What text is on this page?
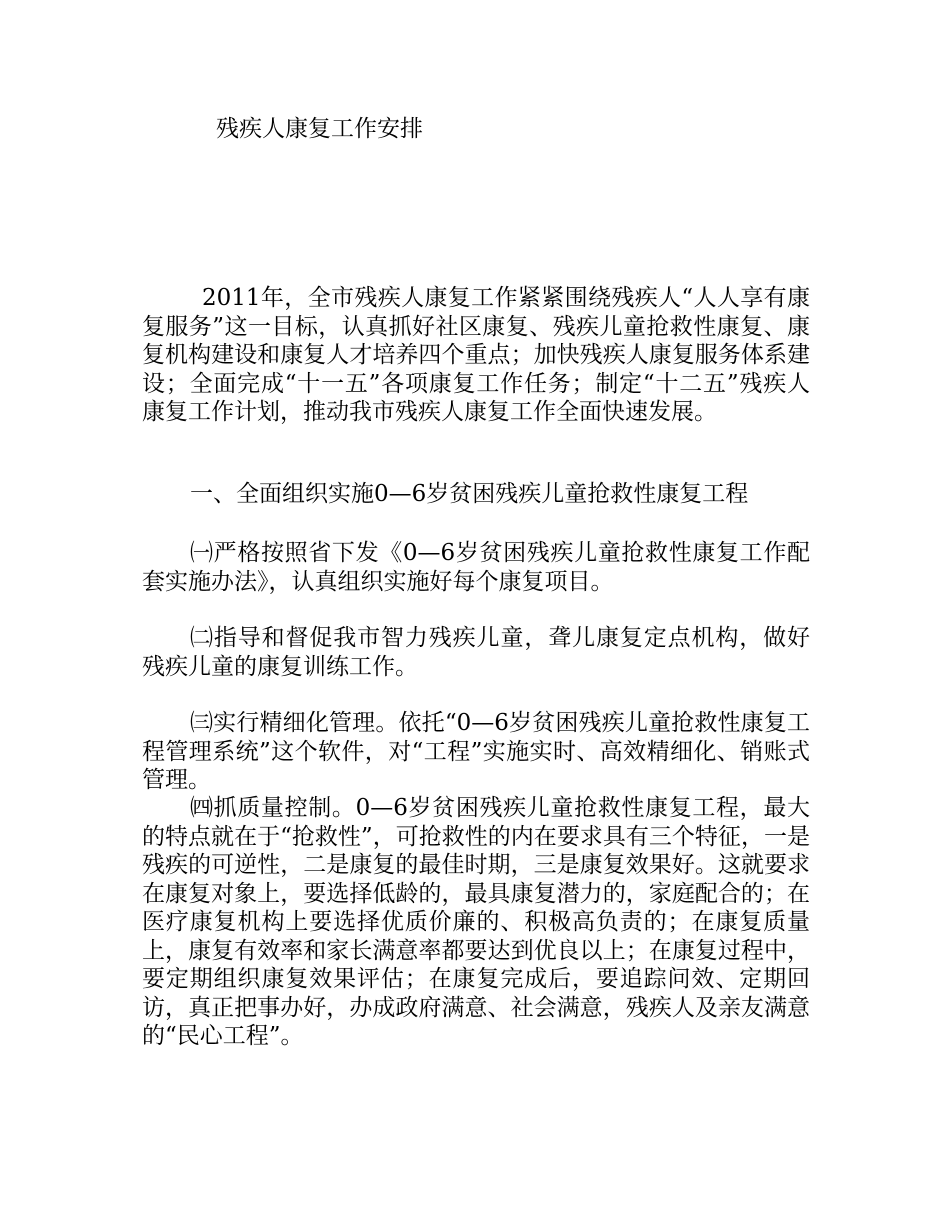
残疾人康复工作安排

2011年，全市残疾人康复工作紧紧围绕残疾人“人人享有康复服务”这一目标，认真抓好社区康复、残疾儿童抢救性康复、康复机构建设和康复人才培养四个重点；加快残疾人康复服务体系建设；全面完成“十一五”各项康复工作任务；制定“十二五”残疾人康复工作计划，推动我市残疾人康复工作全面快速发展。

一、全面组织实施0—6岁贫困残疾儿童抢救性康复工程

㈠严格按照省下发《0—6岁贫困残疾儿童抢救性康复工作配套实施办法》，认真组织实施好每个康复项目。

㈡指导和督促我市智力残疾儿童，聋儿康复定点机构，做好残疾儿童的康复训练工作。

㈢实行精细化管理。依托“0—6岁贫困残疾儿童抢救性康复工程管理系统”这个软件，对“工程”实施实时、高效精细化、销账式管理。

㈣抓质量控制。0—6岁贫困残疾儿童抢救性康复工程，最大的特点就在于“抢救性”，可抢救性的内在要求具有三个特征，一是残疾的可逆性，二是康复的最佳时期，三是康复效果好。这就要求在康复对象上，要选择低龄的，最具康复潜力的，家庭配合的；在医疗康复机构上要选择优质价廉的、积极高负责的；在康复质量上，康复有效率和家长满意率都要达到优良以上；在康复过程中，要定期组织康复效果评估；在康复完成后，要追踪问效、定期回访，真正把事办好，办成政府满意、社会满意，残疾人及亲友满意的“民心工程”。
